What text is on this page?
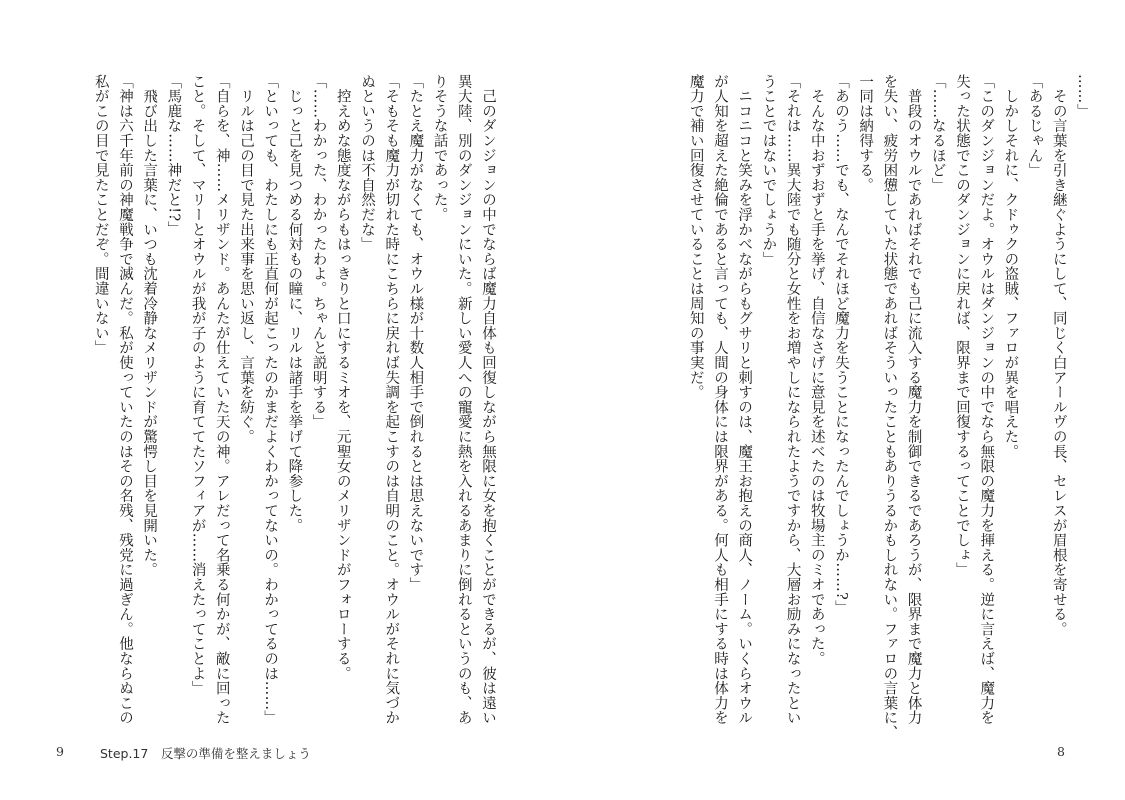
　己のダンジョンの中でならば魔力自体も回復しながら無限に女を抱くことができるが、彼は遠い
異大陸、別のダンジョンにいた。新しい愛人への寵愛に熱を入れるあまりに倒れるというのも、あ
りそうな話であった。
「たとえ魔力がなくても、オウル様が十数人相手で倒れるとは思えないです」
「そもそも魔力が切れた時にこちらに戻れば失調を起こすのは自明のこと。オウルがそれに気づか
ぬというのは不自然だな」
　控えめな態度ながらもはっきりと口にするミオを、元聖女のメリザンドがフォローする。
「……わかった、わかったわよ。ちゃんと説明する」
　じっと己を見つめる何対もの瞳に、リルは諸手を挙げて降参した。
「といっても、わたしにも正直何が起こったのかまだよくわかってないの。わかってるのは……」
　リルは己の目で見た出来事を思い返し、言葉を紡ぐ。
「自らを、神……メリザンド。あんたが仕えていた天の神。アレだって名乗る何かが、敵に回った
こと。そして、マリーとオウルが我が子のように育ててたソフィアが……消えたってことよ」
「馬鹿な……神だと!?」
　飛び出した言葉に、いつも沈着冷静なメリザンドが驚愕し目を見開いた。
「神は六千年前の神魔戦争で滅んだ。私が使っていたのはその名残、残党に過ぎん。他ならぬこの
私がこの目で見たことだぞ。間違いない」
9	Step.17　反撃の準備を整えましょう
……」
　その言葉を引き継ぐようにして、同じく白アールヴの長、セレスが眉根を寄せる。
「あるじゃん」
　しかしそれに、クドゥクの盗賊、ファロが異を唱えた。
「このダンジョンだよ。オウルはダンジョンの中でなら無限の魔力を揮える。逆に言えば、魔力を
失った状態でこのダンジョンに戻れば、限界まで回復するってことでしょ」
「……なるほど」
　普段のオウルであればそれでも己に流入する魔力を制御できるであろうが、限界まで魔力と体力
を失い、疲労困憊していた状態であればそういったこともありうるかもしれない。ファロの言葉に、
一同は納得する。
「あのう……でも、なんでそれほど魔力を失うことになったんでしょうか……?」
　そんな中おずおずと手を挙げ、自信なさげに意見を述べたのは牧場主のミオであった。
「それは……異大陸でも随分と女性をお増やしになられたようですから、大層お励みになったとい
うことではないでしょうか」
　ニコニコと笑みを浮かべながらもグサリと刺すのは、魔王お抱えの商人、ノーム。いくらオウル
が人知を超えた絶倫であると言っても、人間の身体には限界がある。何人も相手にする時は体力を
魔力で補い回復させていることは周知の事実だ。
8
